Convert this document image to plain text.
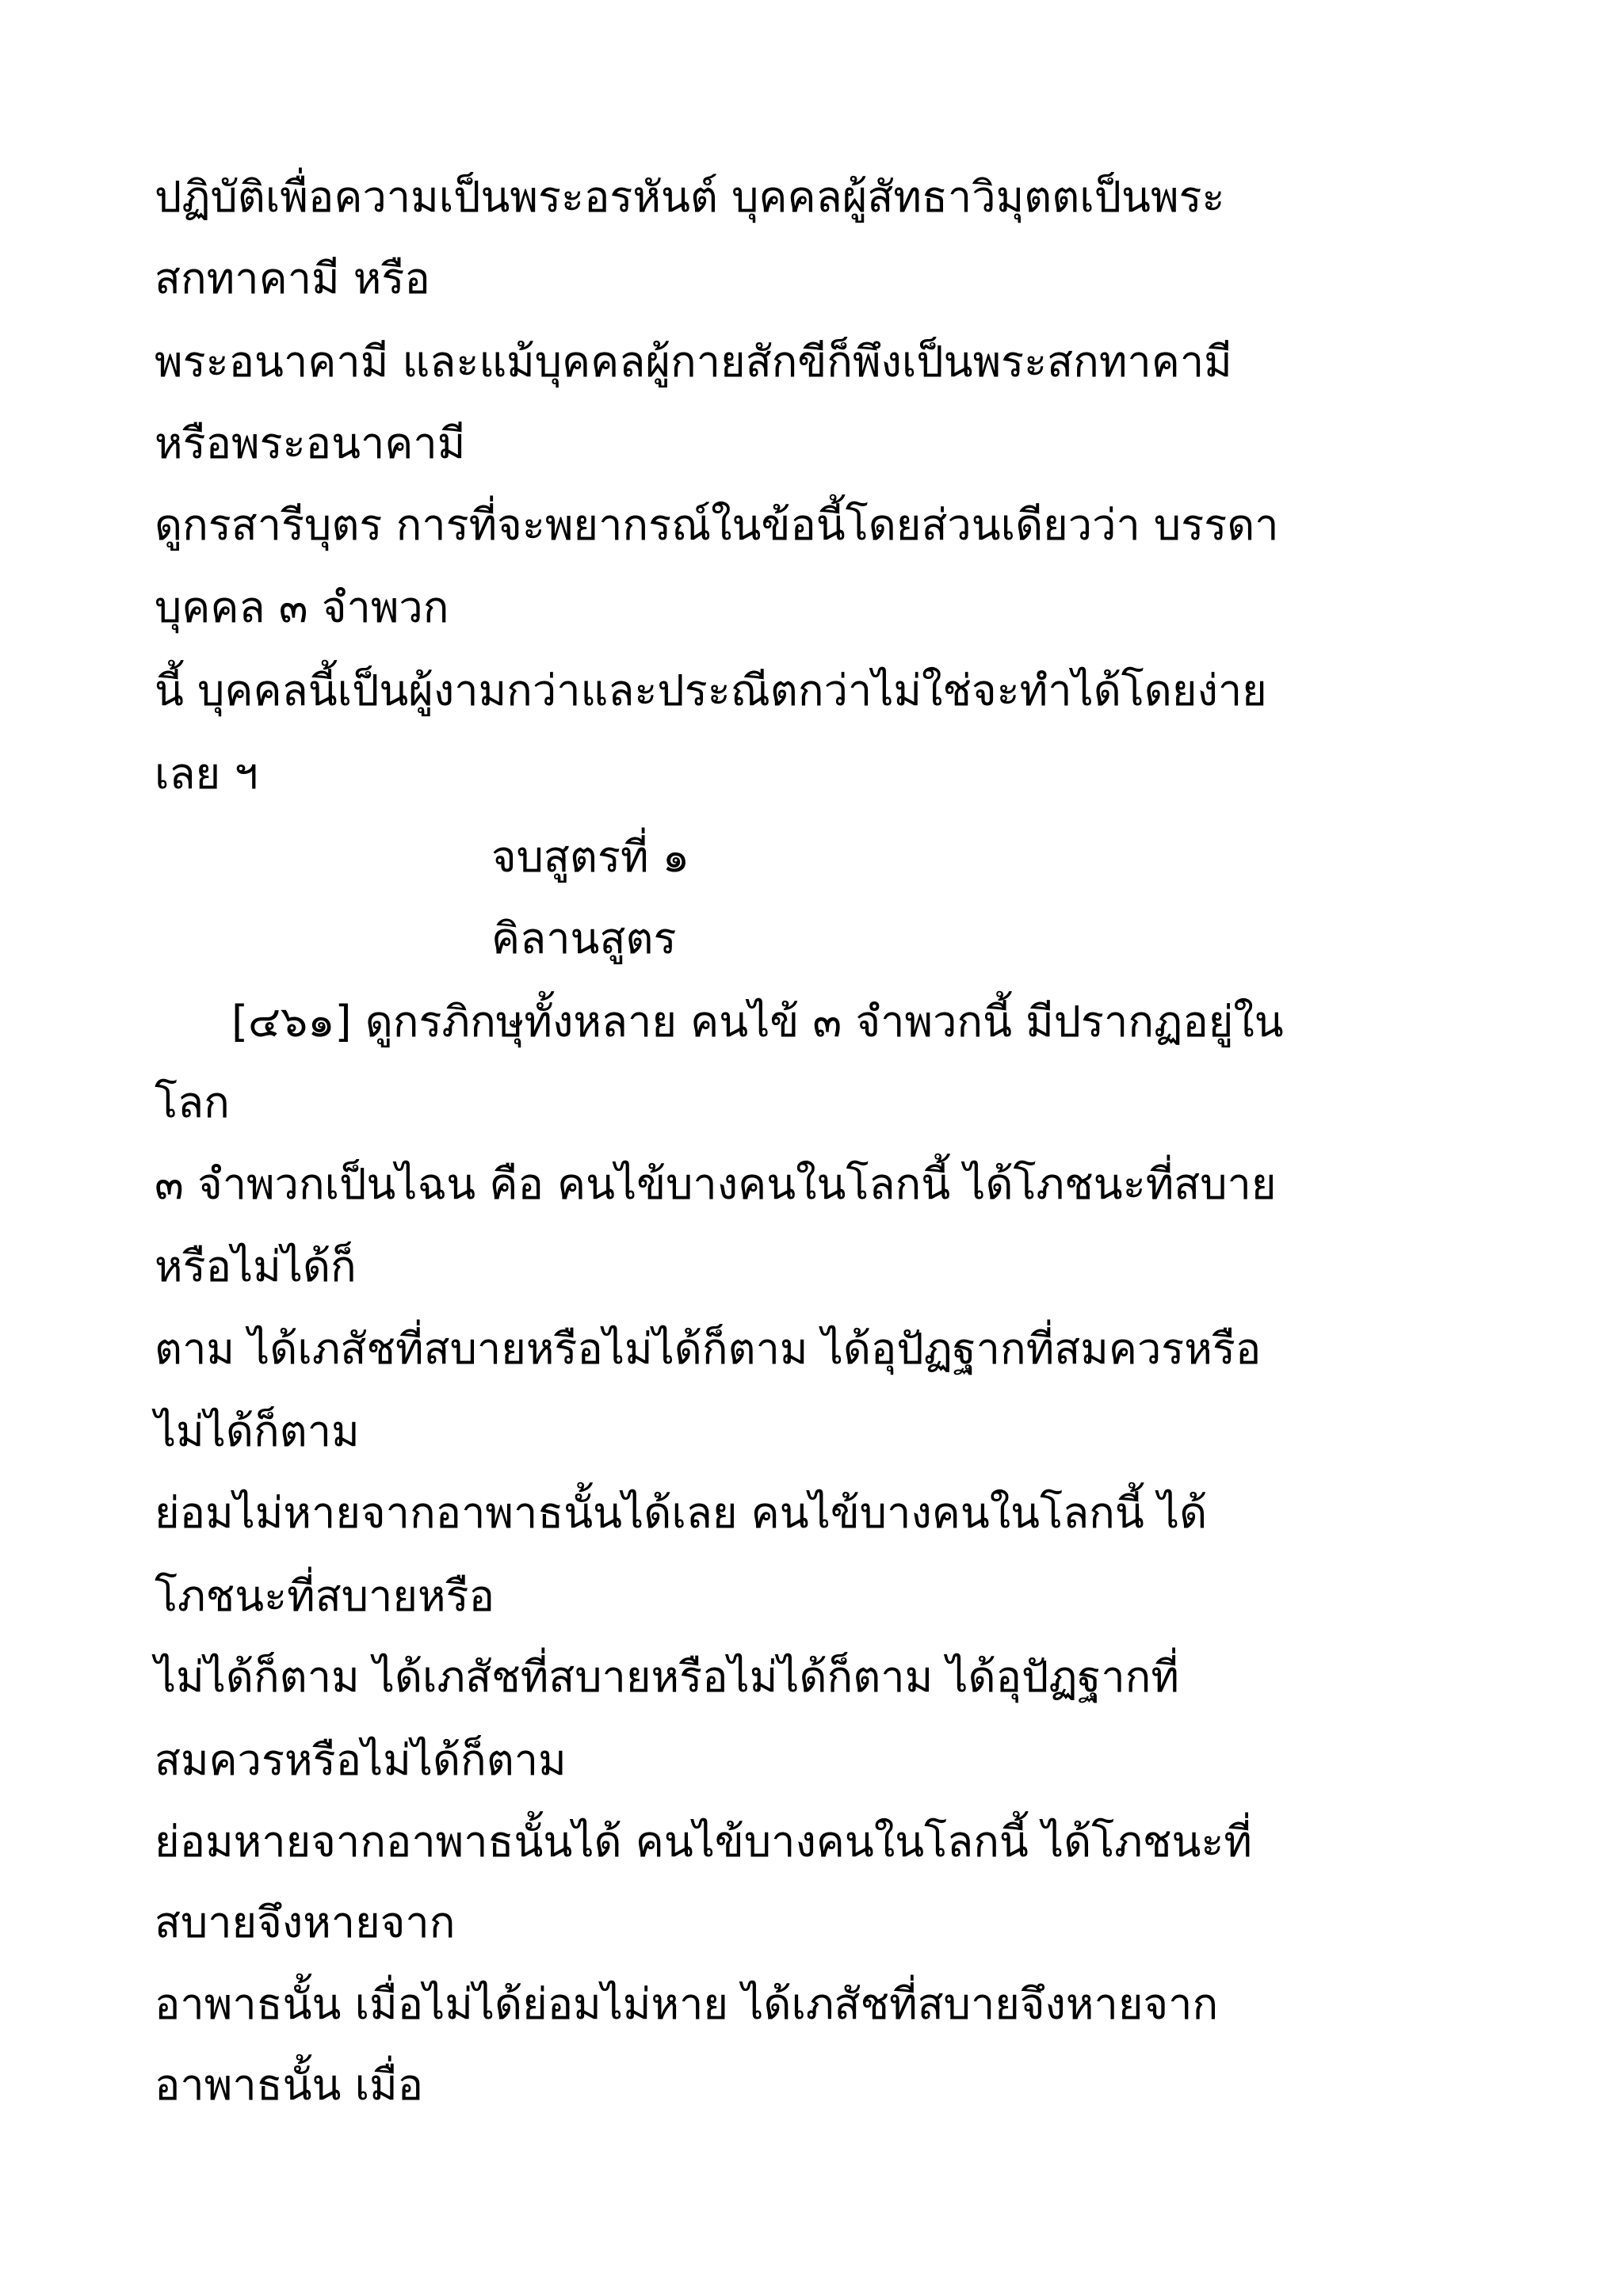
ปฏิบัติเพื่อความเป็นพระอรหันต์ บุคคลผู้สัทธาวิมุตตเป็นพระ
สกทาคามี หรือ
พระอนาคามี และแม้บุคคลผู้กายสักขีก็พึงเป็นพระสกทาคามี
หรือพระอนาคามี
ดูกรสารีบุตร การที่จะพยากรณ์ในข้อนี้โดยส่วนเดียวว่า บรรดา
บุคคล ๓ จำพวก
นี้ บุคคลนี้เป็นผู้งามกว่าและประณีตกว่าไม่ใช่จะทำได้โดยง่าย
เลย ฯ
จบสูตรที่ ๑
คิลานสูตร
[๔๖๑] ดูกรภิกษุทั้งหลาย คนไข้ ๓ จำพวกนี้ มีปรากฏอยู่ใน
โลก
๓ จำพวกเป็นไฉน คือ คนไข้บางคนในโลกนี้ ได้โภชนะที่สบาย
หรือไม่ได้ก็
ตาม ได้เภสัชที่สบายหรือไม่ได้ก็ตาม ได้อุปัฏฐากที่สมควรหรือ
ไม่ได้ก็ตาม
ย่อมไม่หายจากอาพาธนั้นได้เลย คนไข้บางคนในโลกนี้ ได้
โภชนะที่สบายหรือ
ไม่ได้ก็ตาม ได้เภสัชที่สบายหรือไม่ได้ก็ตาม ได้อุปัฏฐากที่
สมควรหรือไม่ได้ก็ตาม
ย่อมหายจากอาพาธนั้นได้ คนไข้บางคนในโลกนี้ ได้โภชนะที่
สบายจึงหายจาก
อาพาธนั้น เมื่อไม่ได้ย่อมไม่หาย ได้เภสัชที่สบายจึงหายจาก
อาพาธนั้น เมื่อ
